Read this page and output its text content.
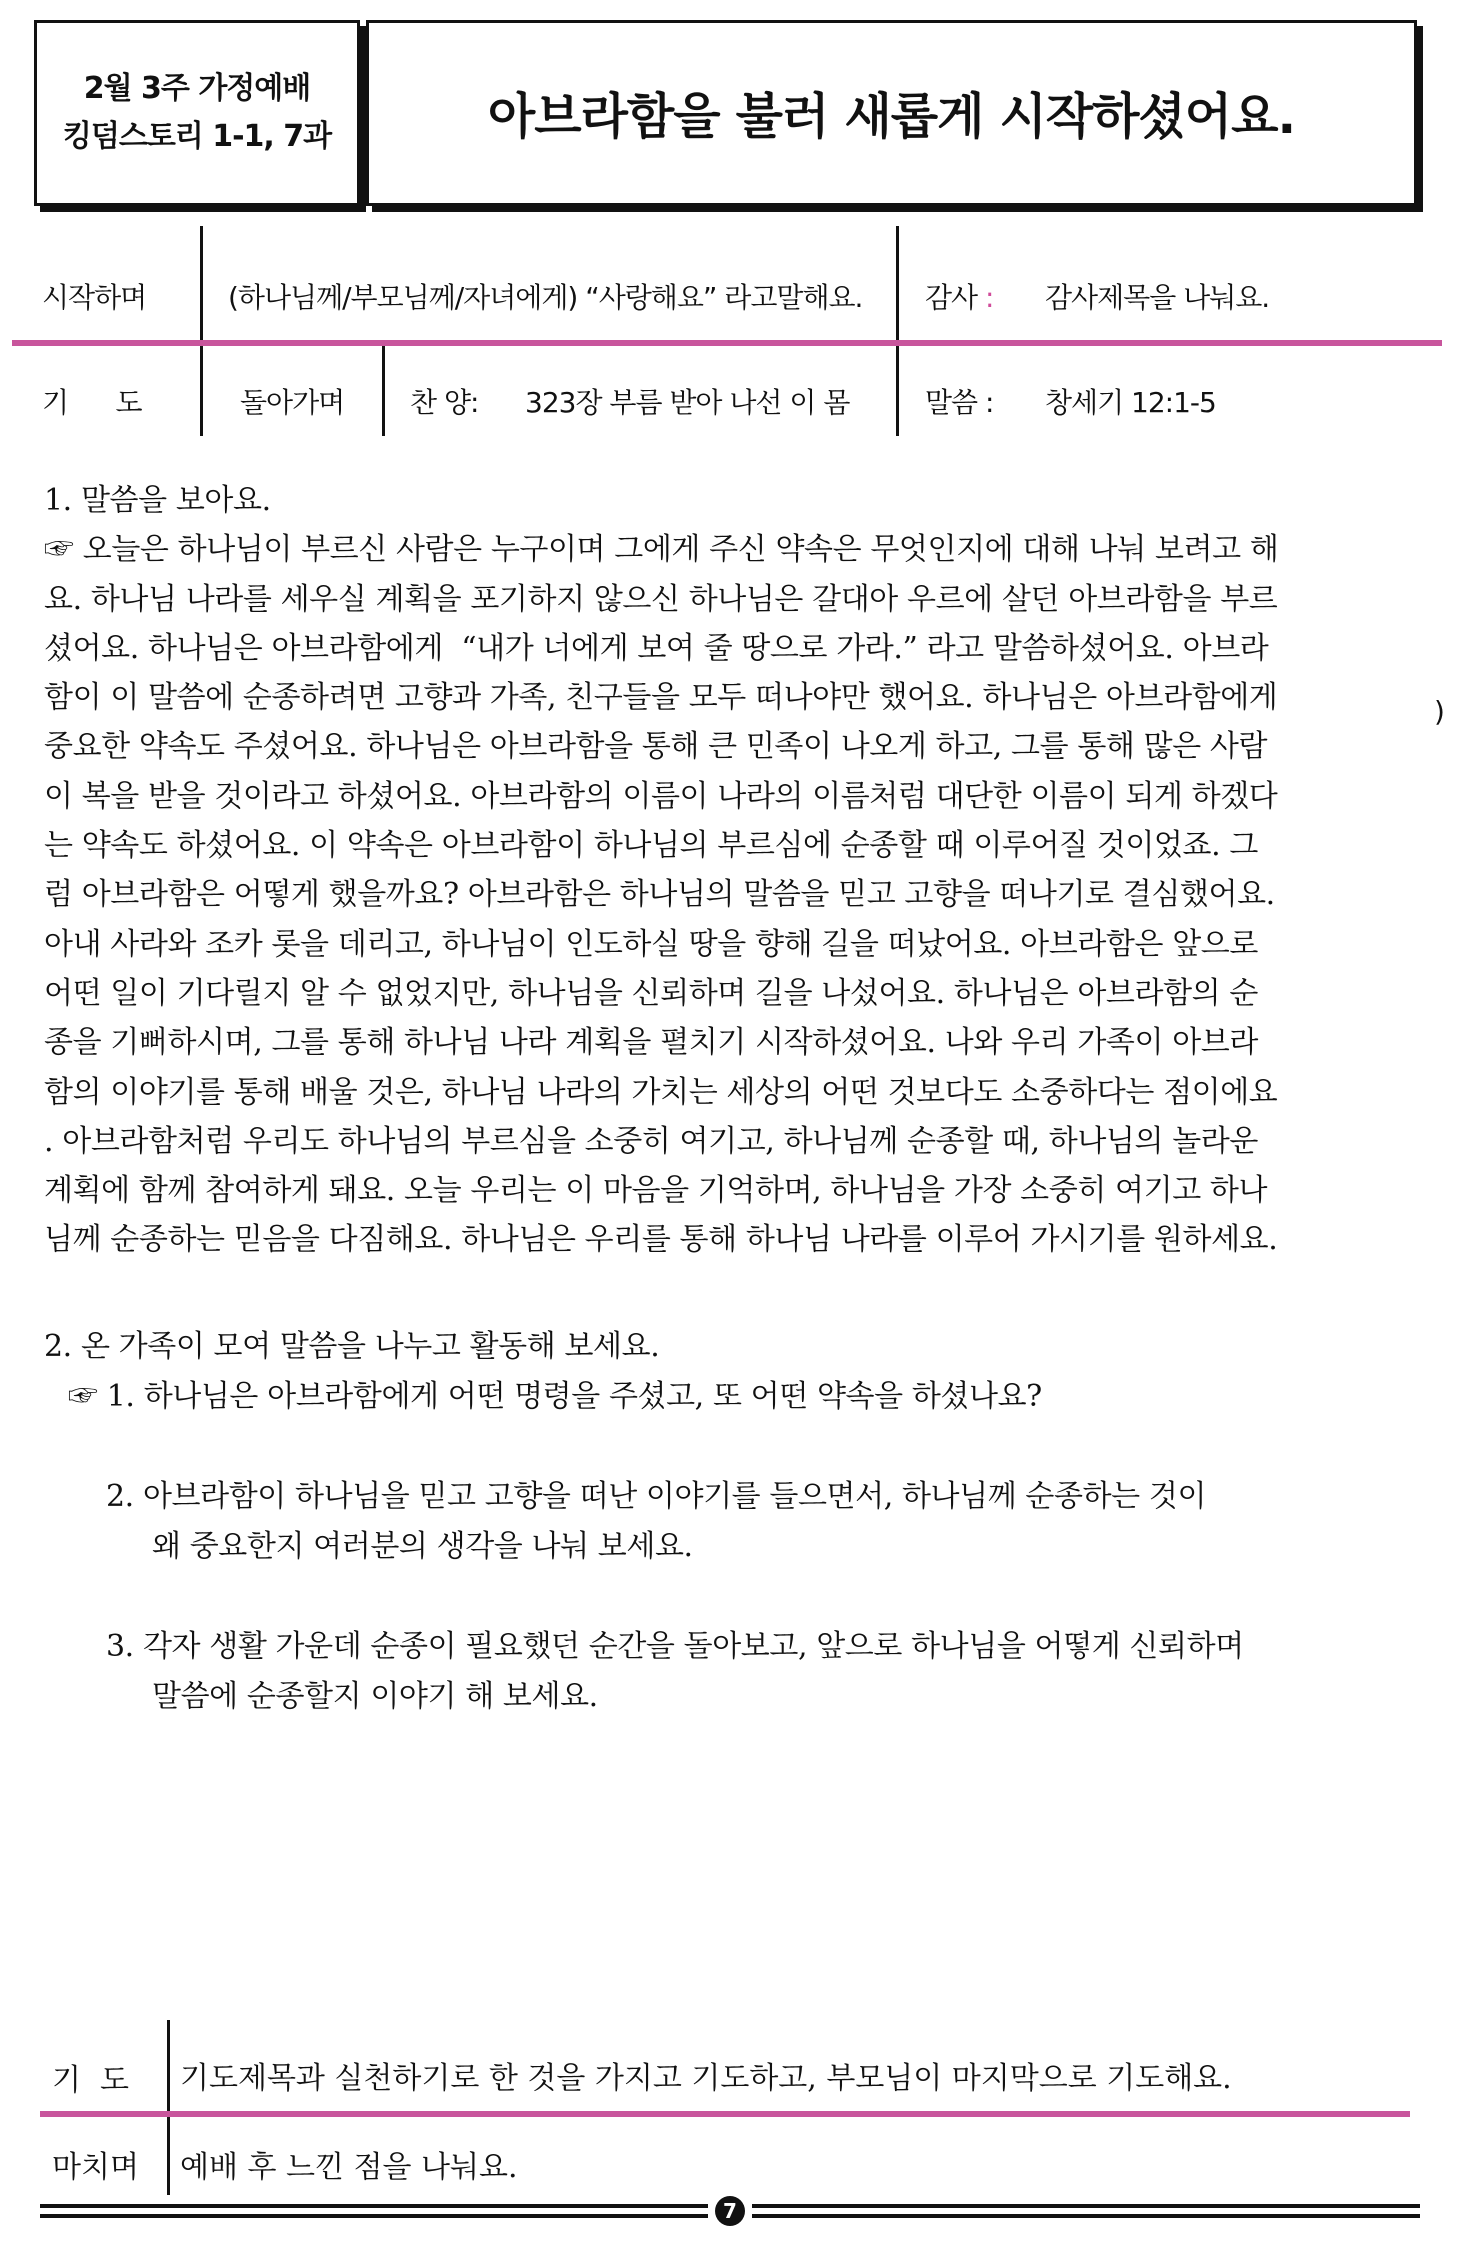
2월 3주 가정예배
킹덤스토리 1-1, 7과	아브라함을 불러 새롭게 시작하셨어요.
시작하며	(하나님께/부모님께/자녀에게) “사랑해요” 라고말해요. 감사 : 감사제목을 나눠요.
기      도	돌아가며 찬 양: 323장 부름 받아 나선 이 몸	말씀 : 창세기 12:1-5

1. 말씀을 보아요.

☞ 오늘은 하나님이 부르신 사람은 누구이며 그에게 주신 약속은 무엇인지에 대해 나눠 보려고 해

요. 하나님 나라를 세우실 계획을 포기하지 않으신 하나님은 갈대아 우르에 살던 아브라함을 부르

셨어요. 하나님은 아브라함에게  “내가 너에게 보여 줄 땅으로 가라.” 라고 말씀하셨어요. 아브라

함이 이 말씀에 순종하려면 고향과 가족, 친구들을 모두 떠나야만 했어요. 하나님은 아브라함에게

중요한 약속도 주셨어요. 하나님은 아브라함을 통해 큰 민족이 나오게 하고, 그를 통해 많은 사람

이 복을 받을 것이라고 하셨어요. 아브라함의 이름이 나라의 이름처럼 대단한 이름이 되게 하겠다

는 약속도 하셨어요. 이 약속은 아브라함이 하나님의 부르심에 순종할 때 이루어질 것이었죠. 그

럼 아브라함은 어떻게 했을까요? 아브라함은 하나님의 말씀을 믿고 고향을 떠나기로 결심했어요.

아내 사라와 조카 롯을 데리고, 하나님이 인도하실 땅을 향해 길을 떠났어요. 아브라함은 앞으로

어떤 일이 기다릴지 알 수 없었지만, 하나님을 신뢰하며 길을 나섰어요. 하나님은 아브라함의 순

종을 기뻐하시며, 그를 통해 하나님 나라 계획을 펼치기 시작하셨어요. 나와 우리 가족이 아브라

함의 이야기를 통해 배울 것은, 하나님 나라의 가치는 세상의 어떤 것보다도 소중하다는 점이에요

. 아브라함처럼 우리도 하나님의 부르심을 소중히 여기고, 하나님께 순종할 때, 하나님의 놀라운

계획에 함께 참여하게 돼요. 오늘 우리는 이 마음을 기억하며, 하나님을 가장 소중히 여기고 하나

님께 순종하는 믿음을 다짐해요. 하나님은 우리를 통해 하나님 나라를 이루어 가시기를 원하세요.

)
2. 온 가족이 모여 말씀을 나누고 활동해 보세요.
☞ 1. 하나님은 아브라함에게 어떤 명령을 주셨고, 또 어떤 약속을 하셨나요?
2. 아브라함이 하나님을 믿고 고향을 떠난 이야기를 들으면서, 하나님께 순종하는 것이
왜 중요한지 여러분의 생각을 나눠 보세요.
3. 각자 생활 가운데 순종이 필요했던 순간을 돌아보고, 앞으로 하나님을 어떻게 신뢰하며
말씀에 순종할지 이야기 해 보세요.
기  도 기도제목과 실천하기로 한 것을 가지고 기도하고, 부모님이 마지막으로 기도해요.
마치며 예배 후 느낀 점을 나눠요.
7
